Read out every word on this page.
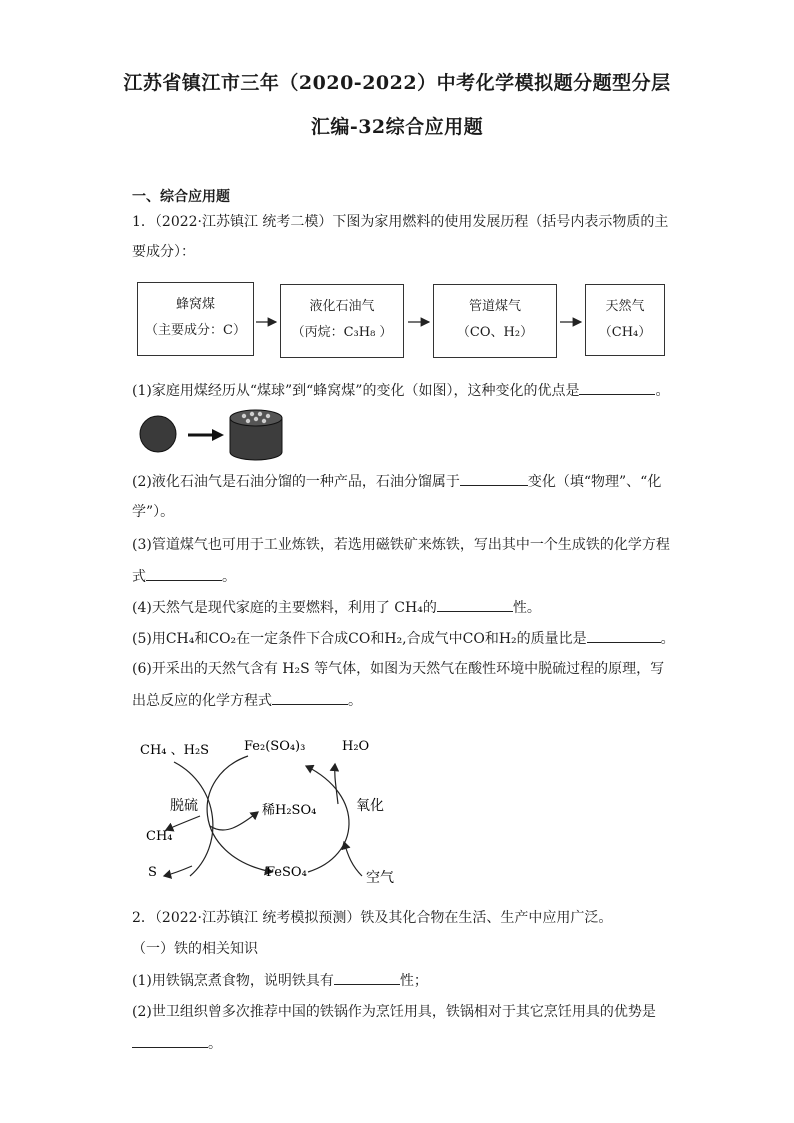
江苏省镇江市三年（2020-2022）中考化学模拟题分题型分层
汇编-32综合应用题
一、综合应用题
1．（2022·江苏镇江 统考二模）下图为家用燃料的使用发展历程（括号内表示物质的主
要成分）：
蜂窝煤
（主要成分：C）
液化石油气
（丙烷：C₃H₈ ）
管道煤气
（CO、H₂）
天然气
（CH₄）
(1)家庭用煤经历从“煤球”到“蜂窝煤”的变化（如图），这种变化的优点是	。
(2)液化石油气是石油分馏的一种产品，石油分馏属于	变化（填“物理”、“化
学”）。
(3)管道煤气也可用于工业炼铁，若选用磁铁矿来炼铁，写出其中一个生成铁的化学方程
式	。
(4)天然气是现代家庭的主要燃料，利用了 CH₄的	性。
(5)用CH₄和CO₂在一定条件下合成CO和H₂,合成气中CO和H₂的质量比是	。
(6)开采出的天然气含有 H₂S 等气体，如图为天然气在酸性环境中脱硫过程的原理，写
出总反应的化学方程式	。
CH₄ 、H₂S	Fe₂(SO₄)₃	H₂O
脱硫	稀H₂SO₄	氧化
CH₄
S	FeSO₄	空气
2．（2022·江苏镇江 统考模拟预测）铁及其化合物在生活、生产中应用广泛。
（一）铁的相关知识
(1)用铁锅烹煮食物，说明铁具有	性；
(2)世卫组织曾多次推荐中国的铁锅作为烹饪用具，铁锅相对于其它烹饪用具的优势是
。
